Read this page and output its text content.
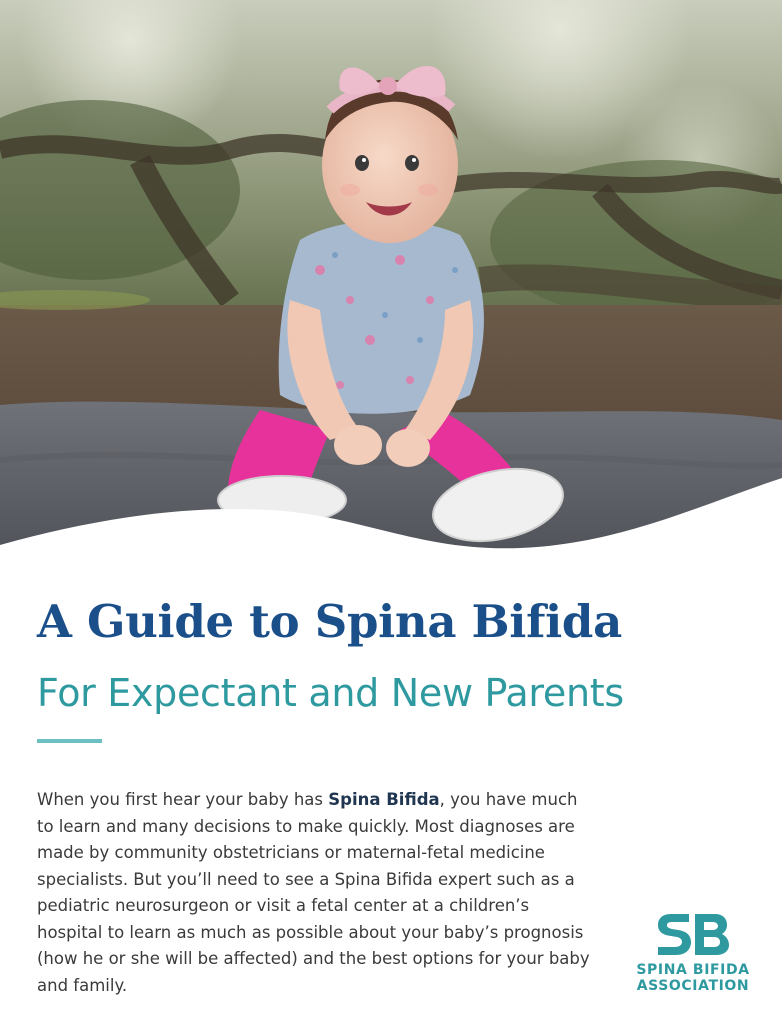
A Guide to Spina Bifida
For Expectant and New Parents

When you first hear your baby has Spina Bifida, you have much to learn and many decisions to make quickly. Most diagnoses are made by community obstetricians or maternal-fetal medicine specialists. But you’ll need to see a Spina Bifida expert such as a pediatric neurosurgeon or visit a fetal center at a children’s hospital to learn as much as possible about your baby’s prognosis (how he or she will be affected) and the best options for your baby and family.

SPINA BIFIDA
ASSOCIATION
